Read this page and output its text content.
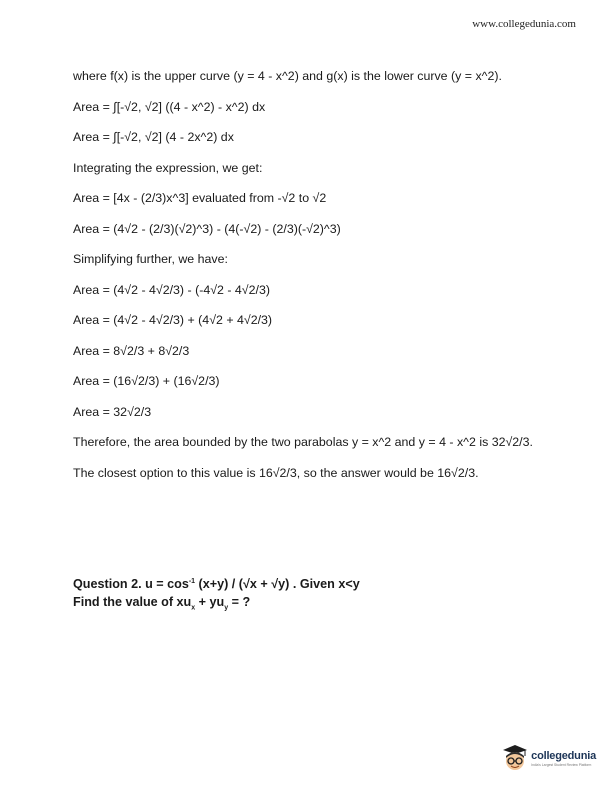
www.collegedunia.com

where f(x) is the upper curve (y = 4 - x^2) and g(x) is the lower curve (y = x^2).

Area = ∫[-√2, √2] ((4 - x^2) - x^2) dx

Area = ∫[-√2, √2] (4 - 2x^2) dx

Integrating the expression, we get:

Area = [4x - (2/3)x^3] evaluated from -√2 to √2

Area = (4√2 - (2/3)(√2)^3) - (4(-√2) - (2/3)(-√2)^3)

Simplifying further, we have:

Area = (4√2 - 4√2/3) - (-4√2 - 4√2/3)

Area = (4√2 - 4√2/3) + (4√2 + 4√2/3)

Area = 8√2/3 + 8√2/3

Area = (16√2/3) + (16√2/3)

Area = 32√2/3

Therefore, the area bounded by the two parabolas y = x^2 and y = 4 - x^2 is 32√2/3.

The closest option to this value is 16√2/3, so the answer would be 16√2/3.

Question 2. $u = \cos^{-1} (x+y) / (√x + √y)$ . Given x<y
Find the value of $xu_x + yu_y$ = ?
collegedunia
India's Largest Student Review Platform
